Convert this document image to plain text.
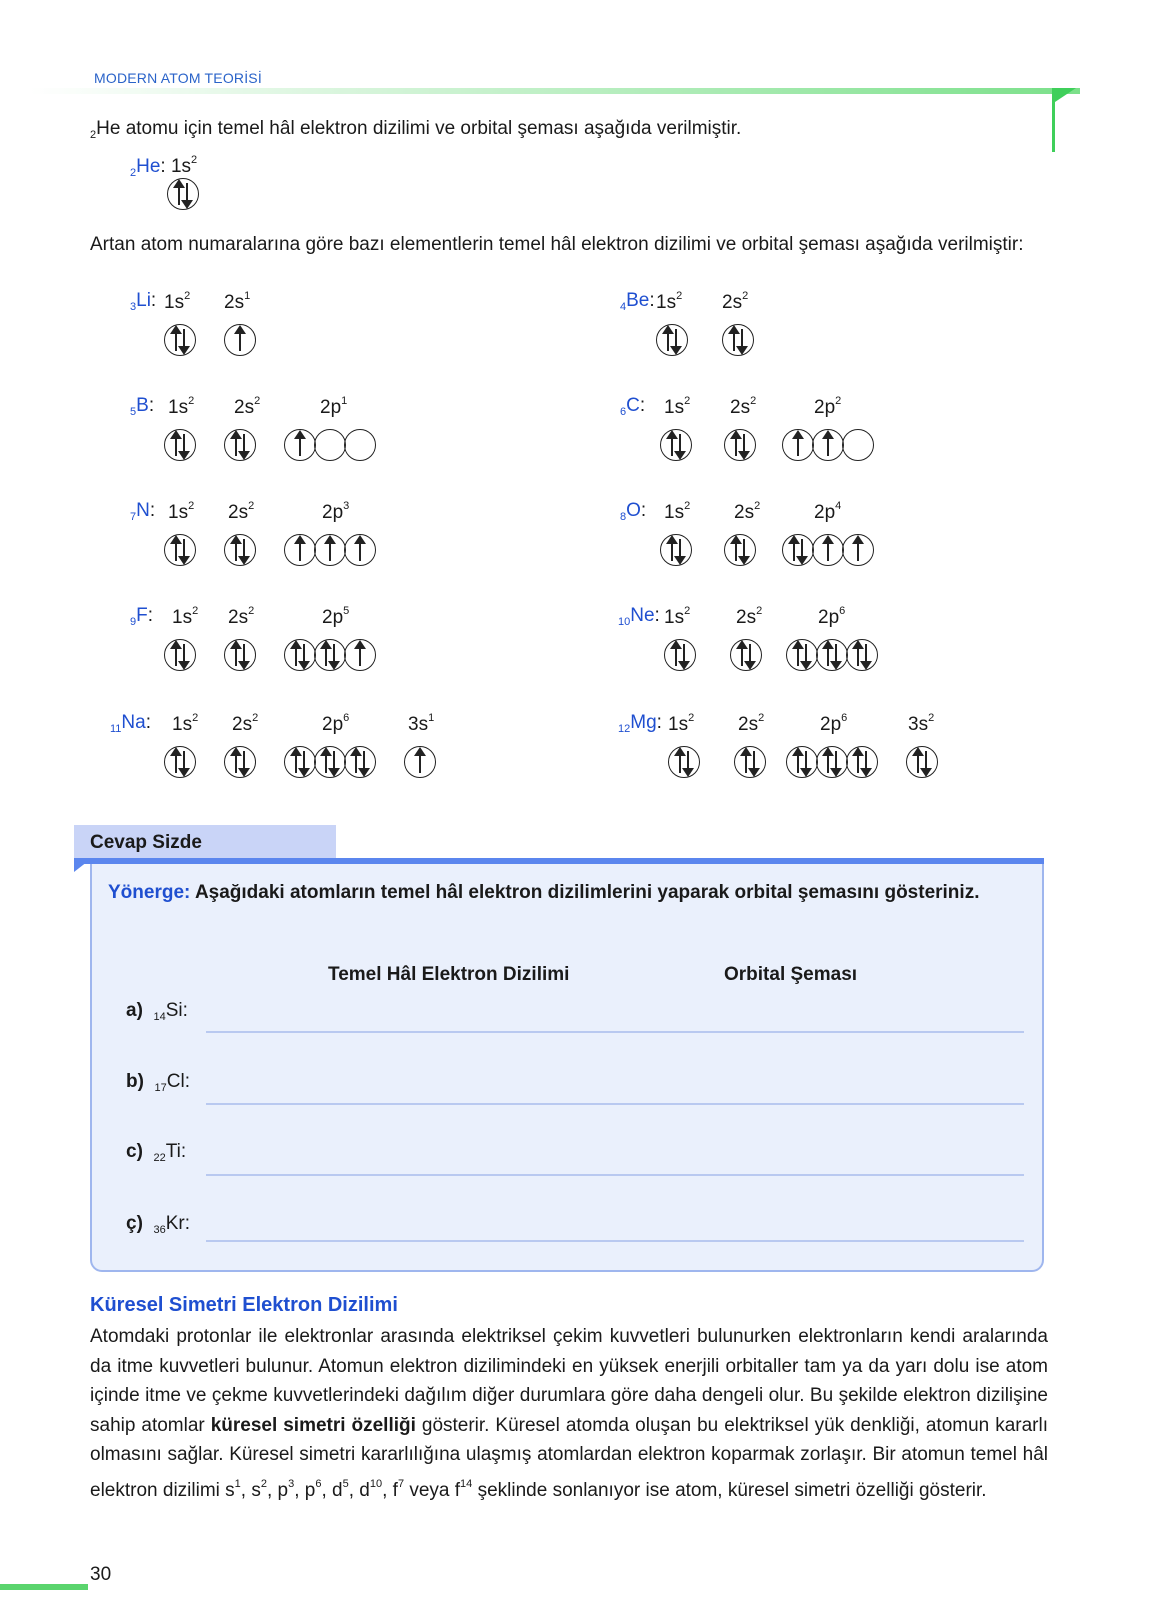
MODERN ATOM TEORİSİ
$_2$He atomu için temel hâl elektron dizilimi ve orbital şeması aşağıda verilmiştir.
$_2$He: $1s^2$
Artan atom numaralarına göre bazı elementlerin temel hâl elektron dizilimi ve orbital şeması aşağıda verilmiştir:
$_3$Li: $1s^2$ $2s^1$
$_4$Be: $1s^2$ $2s^2$
$_5$B: $1s^2$ $2s^2$	$2p^1$
$_6$C: $1s^2$ $2s^2$	$2p^2$
$_7$N: $1s^2$ $2s^2$	$2p^3$
$_8$O: $1s^2$ $2s^2$	$2p^4$
$_9$F: $1s^2$ $2s^2$	$2p^5$
$_{10}$Ne: $1s^2$ $2s^2$	$2p^6$
$_{11}$Na: $1s^2$ $2s^2$	$2p^6$	$3s^1$
$_{12}$Mg: $1s^2$ $2s^2$	$2p^6$	$3s^2$
Cevap Sizde
Yönerge: Aşağıdaki atomların temel hâl elektron dizilimlerini yaparak orbital şemasını gösteriniz.
Temel Hâl Elektron Dizilimi	Orbital Şeması
a) $_{14}$Si:
b) $_{17}$Cl:
c) $_{22}$Ti:
ç) $_{36}$Kr:
Küresel Simetri Elektron Dizilimi
Atomdaki protonlar ile elektronlar arasında elektriksel çekim kuvvetleri bulunurken elektronların kendi aralarında da itme kuvvetleri bulunur. Atomun elektron dizilimindeki en yüksek enerjili orbitaller tam ya da yarı dolu ise atom içinde itme ve çekme kuvvetlerindeki dağılım diğer durumlara göre daha dengeli olur. Bu şekilde elektron dizilişine sahip atomlar küresel simetri özelliği gösterir. Küresel atomda oluşan bu elektriksel yük denkliği, atomun kararlı olmasını sağlar. Küresel simetri kararlılığına ulaşmış atomlardan elektron koparmak zorlaşır. Bir atomun temel hâl elektron dizilimi $s^1$, $s^2$, $p^3$, $p^6$, $d^5$, $d^{10}$, $f^7$ veya $f^{14}$ şeklinde sonlanıyor ise atom, küresel simetri özelliği gösterir.
30
